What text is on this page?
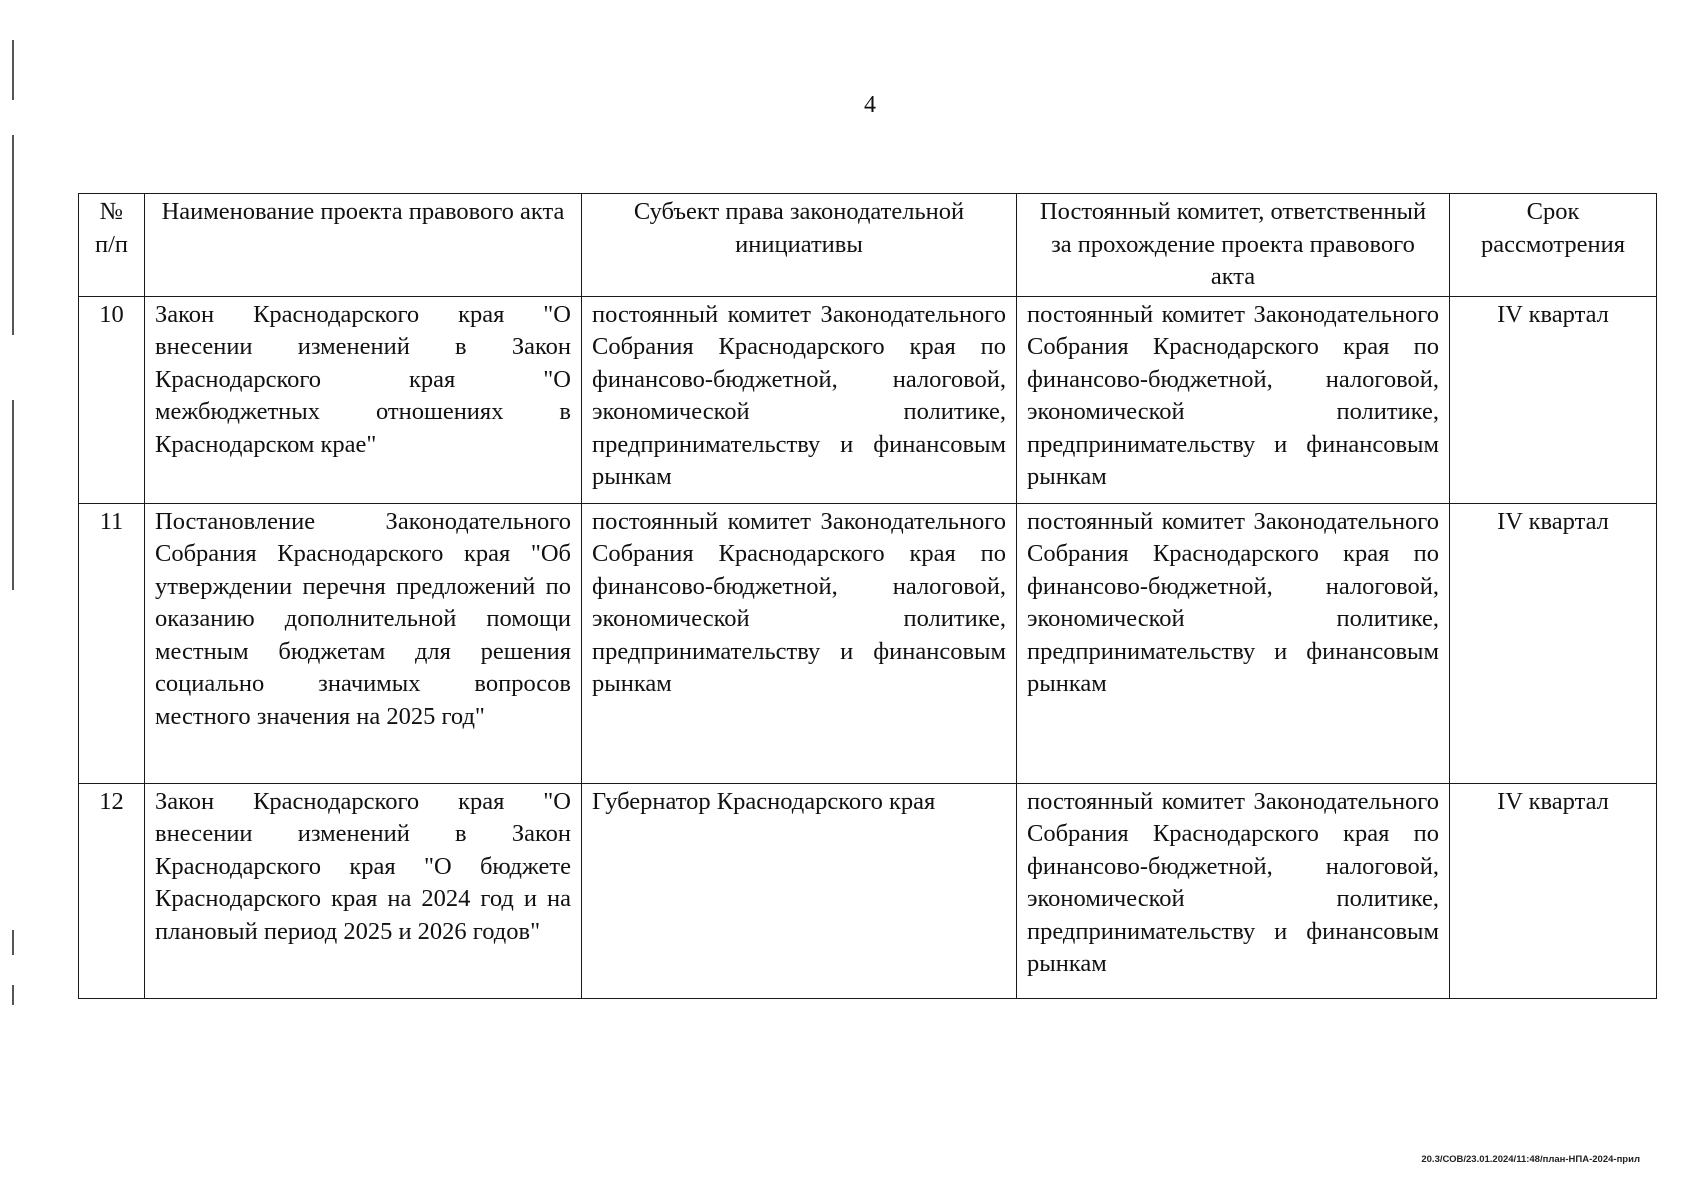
4
№ п/п	Наименование проекта правового акта	Субъект права законодательной инициативы	Постоянный комитет, ответственный за прохождение проекта правового акта	Срок рассмотрения
10	Закон Краснодарского края "О внесении изменений в Закон Краснодарского края "О межбюджетных отношениях в Краснодарском крае"	постоянный комитет Законодательного Собрания Краснодарского края по финансово-бюджетной, налоговой, экономической политике, предпринимательству и финансовым рынкам	постоянный комитет Законодательного Собрания Краснодарского края по финансово-бюджетной, налоговой, экономической политике, предпринимательству и финансовым рынкам	IV квартал
11	Постановление Законодательного Собрания Краснодарского края "Об утверждении перечня предложений по оказанию дополнительной помощи местным бюджетам для решения социально значимых вопросов местного значения на 2025 год"	постоянный комитет Законодательного Собрания Краснодарского края по финансово-бюджетной, налоговой, экономической политике, предпринимательству и финансовым рынкам	постоянный комитет Законодательного Собрания Краснодарского края по финансово-бюджетной, налоговой, экономической политике, предпринимательству и финансовым рынкам	IV квартал
12	Закон Краснодарского края "О внесении изменений в Закон Краснодарского края "О бюджете Краснодарского края на 2024 год и на плановый период 2025 и 2026 годов"	Губернатор Краснодарского края	постоянный комитет Законодательного Собрания Краснодарского края по финансово-бюджетной, налоговой, экономической политике, предпринимательству и финансовым рынкам	IV квартал
20.3/СОВ/23.01.2024/11:48/план-НПА-2024-прил
